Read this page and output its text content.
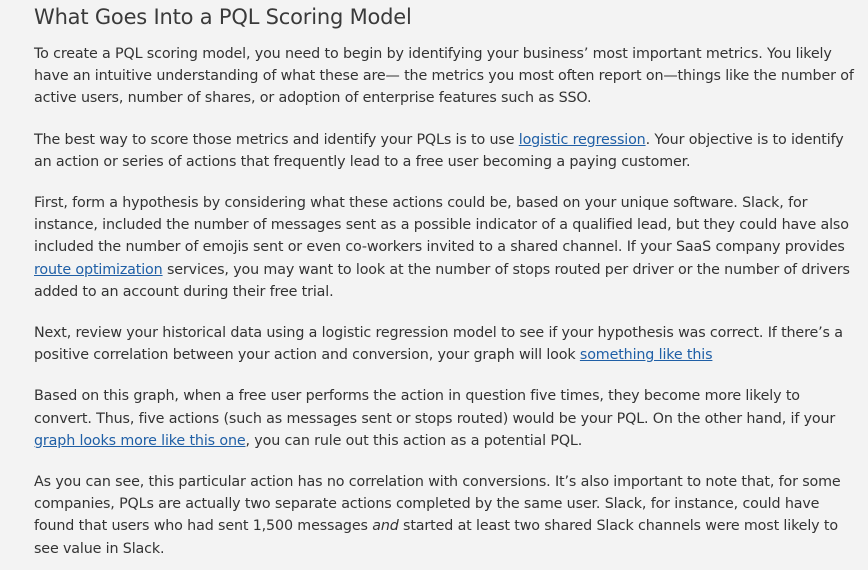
What Goes Into a PQL Scoring Model

To create a PQL scoring model, you need to begin by identifying your business’ most important metrics. You likely have an intuitive understanding of what these are— the metrics you most often report on—things like the number of active users, number of shares, or adoption of enterprise features such as SSO.

The best way to score those metrics and identify your PQLs is to use logistic regression. Your objective is to identify an action or series of actions that frequently lead to a free user becoming a paying customer.

First, form a hypothesis by considering what these actions could be, based on your unique software. Slack, for instance, included the number of messages sent as a possible indicator of a qualified lead, but they could have also included the number of emojis sent or even co-workers invited to a shared channel. If your SaaS company provides route optimization services, you may want to look at the number of stops routed per driver or the number of drivers added to an account during their free trial.

Next, review your historical data using a logistic regression model to see if your hypothesis was correct. If there’s a positive correlation between your action and conversion, your graph will look something like this

Based on this graph, when a free user performs the action in question five times, they become more likely to convert. Thus, five actions (such as messages sent or stops routed) would be your PQL. On the other hand, if your graph looks more like this one, you can rule out this action as a potential PQL.

As you can see, this particular action has no correlation with conversions. It’s also important to note that, for some companies, PQLs are actually two separate actions completed by the same user. Slack, for instance, could have found that users who had sent 1,500 messages and started at least two shared Slack channels were most likely to see value in Slack.
